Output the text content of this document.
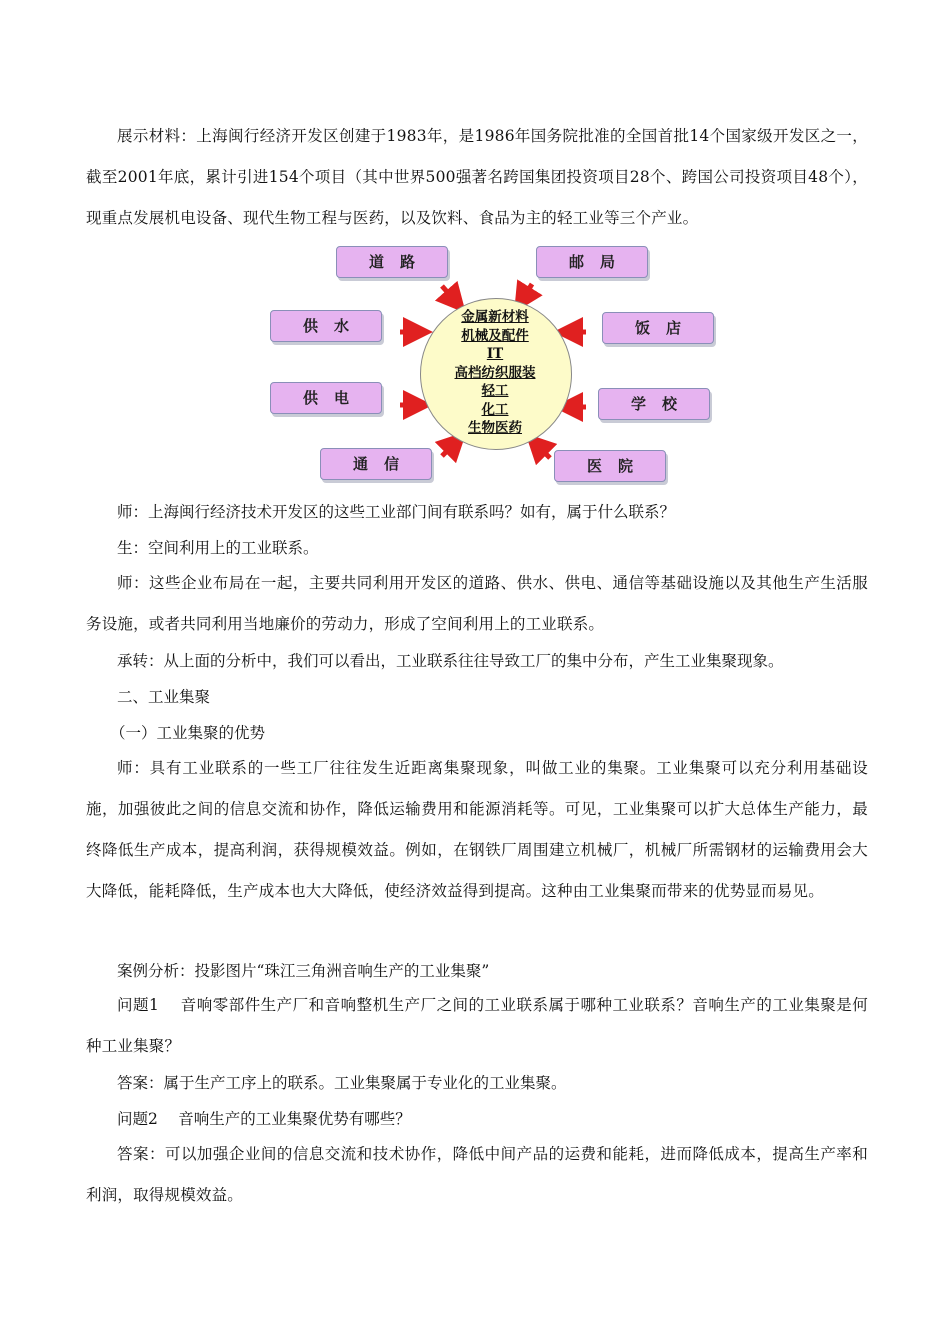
展示材料：上海闽行经济开发区创建于1983年，是1986年国务院批准的全国首批14个国家级开发区之一，截至2001年底，累计引进154个项目（其中世界500强著名跨国集团投资项目28个、跨国公司投资项目48个），现重点发展机电设备、现代生物工程与医药，以及饮料、食品为主的轻工业等三个产业。
金属新材料
机械及配件
IT
高档纺织服装
轻工
化工
生物医药
道路	邮局
供水	饭店
供电	学校
通信	医院
师：上海闽行经济技术开发区的这些工业部门间有联系吗？如有，属于什么联系？
生：空间利用上的工业联系。
师：这些企业布局在一起，主要共同利用开发区的道路、供水、供电、通信等基础设施以及其他生产生活服务设施，或者共同利用当地廉价的劳动力，形成了空间利用上的工业联系。
承转：从上面的分析中，我们可以看出，工业联系往往导致工厂的集中分布，产生工业集聚现象。
二、工业集聚
（一）工业集聚的优势
师：具有工业联系的一些工厂往往发生近距离集聚现象，叫做工业的集聚。工业集聚可以充分利用基础设施，加强彼此之间的信息交流和协作，降低运输费用和能源消耗等。可见，工业集聚可以扩大总体生产能力，最终降低生产成本，提高利润，获得规模效益。例如，在钢铁厂周围建立机械厂，机械厂所需钢材的运输费用会大大降低，能耗降低，生产成本也大大降低，使经济效益得到提高。这种由工业集聚而带来的优势显而易见。
案例分析：投影图片“珠江三角洲音响生产的工业集聚”
问题1　 音响零部件生产厂和音响整机生产厂之间的工业联系属于哪种工业联系？音响生产的工业集聚是何种工业集聚？
答案：属于生产工序上的联系。工业集聚属于专业化的工业集聚。
问题2　 音响生产的工业集聚优势有哪些？
答案：可以加强企业间的信息交流和技术协作，降低中间产品的运费和能耗，进而降低成本，提高生产率和利润，取得规模效益。
